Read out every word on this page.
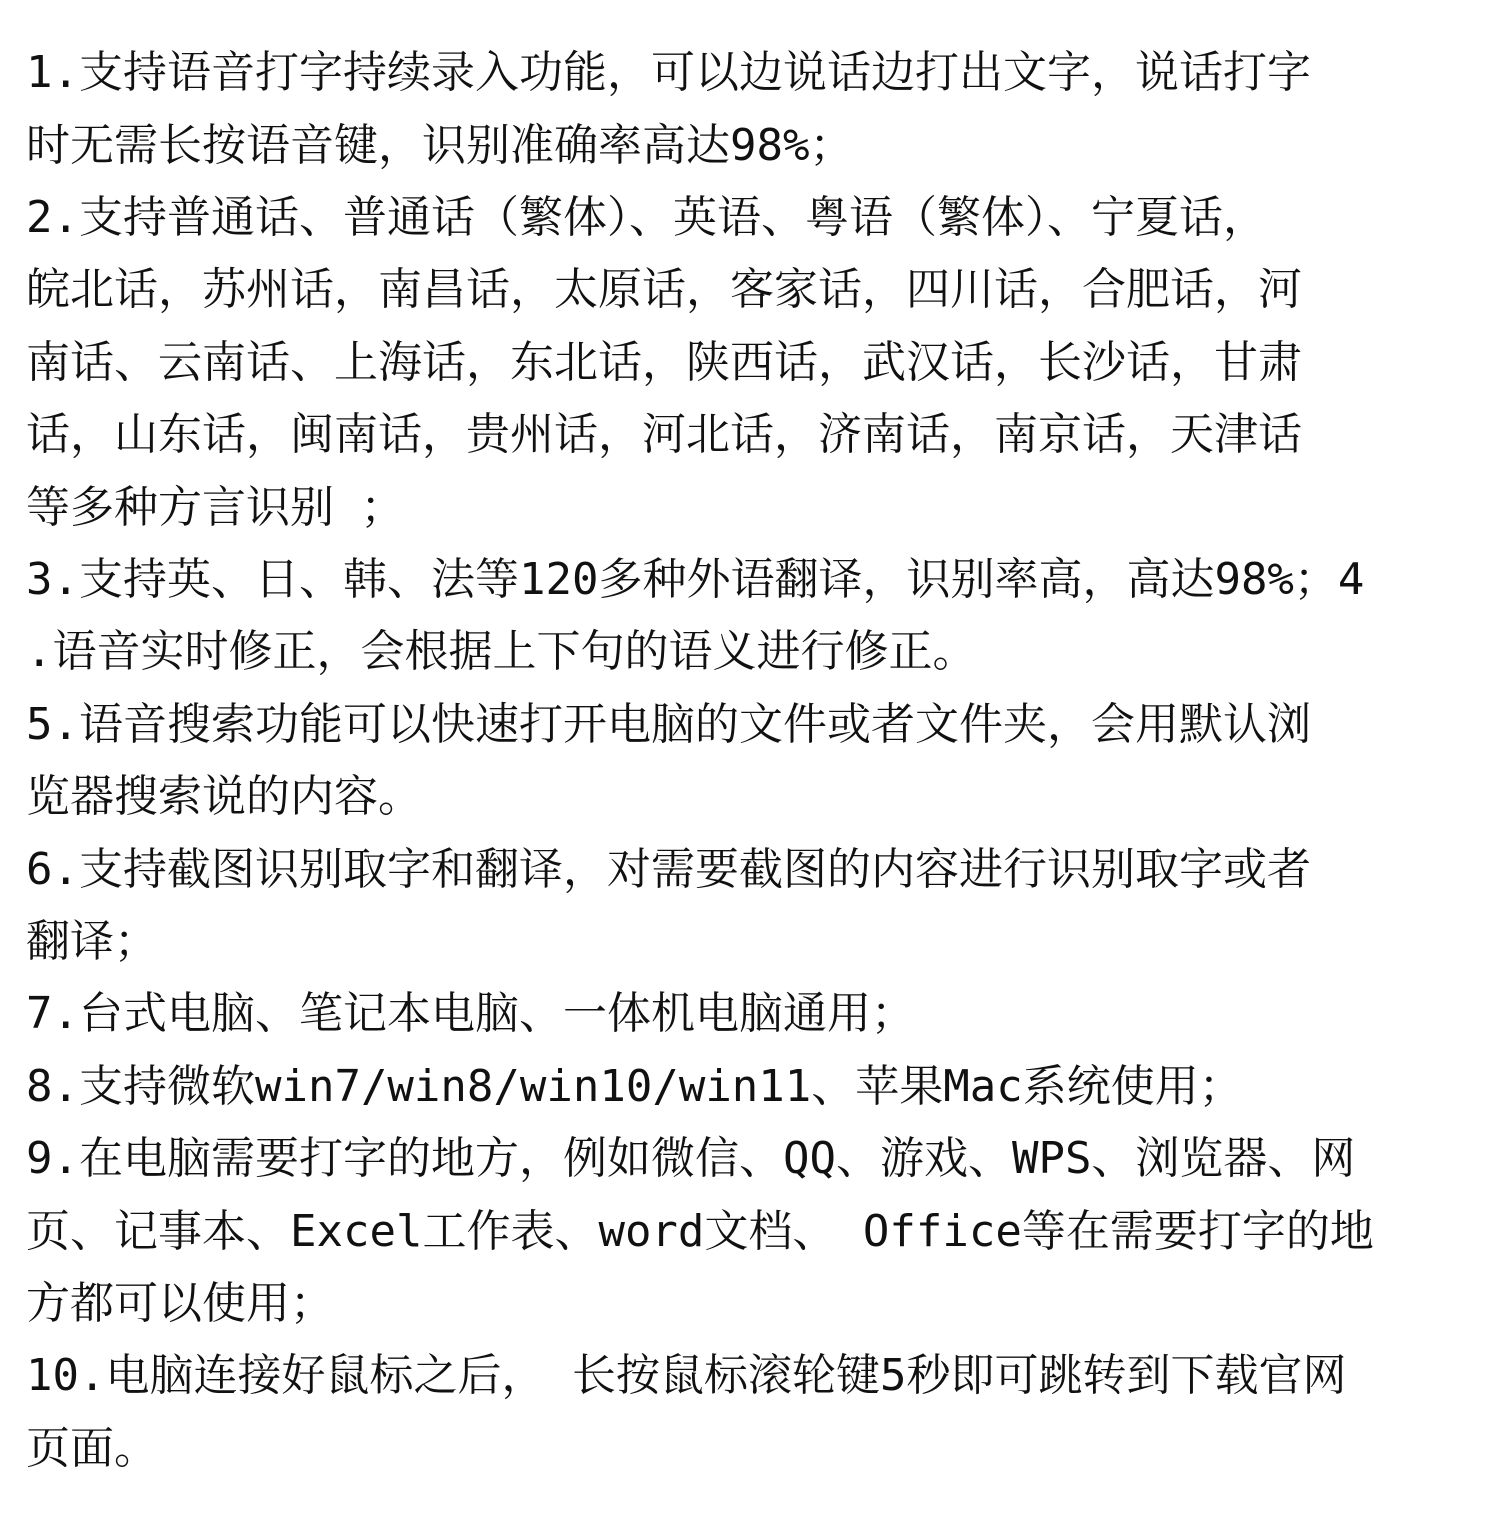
1.支持语音打字持续录入功能，可以边说话边打出文字，说话打字
时无需长按语音键，识别准确率高达98%；
2.支持普通话、普通话（繁体）、英语、粤语（繁体）、宁夏话，
皖北话，苏州话，南昌话，太原话，客家话，四川话，合肥话，河
南话、云南话、上海话，东北话，陕西话，武汉话，长沙话，甘肃
话，山东话，闽南话，贵州话，河北话，济南话，南京话，天津话
等多种方言识别 ；
3.支持英、日、韩、法等120多种外语翻译，识别率高，高达98%；4
.语音实时修正，会根据上下句的语义进行修正。
5.语音搜索功能可以快速打开电脑的文件或者文件夹，会用默认浏
览器搜索说的内容。
6.支持截图识别取字和翻译，对需要截图的内容进行识别取字或者
翻译；
7.台式电脑、笔记本电脑、一体机电脑通用；
8.支持微软win7/win8/win10/win11、苹果Mac系统使用；
9.在电脑需要打字的地方，例如微信、QQ、游戏、WPS、浏览器、网
页、记事本、Excel工作表、word文档、 Office等在需要打字的地
方都可以使用；
10.电脑连接好鼠标之后， 长按鼠标滚轮键5秒即可跳转到下载官网
页面。
